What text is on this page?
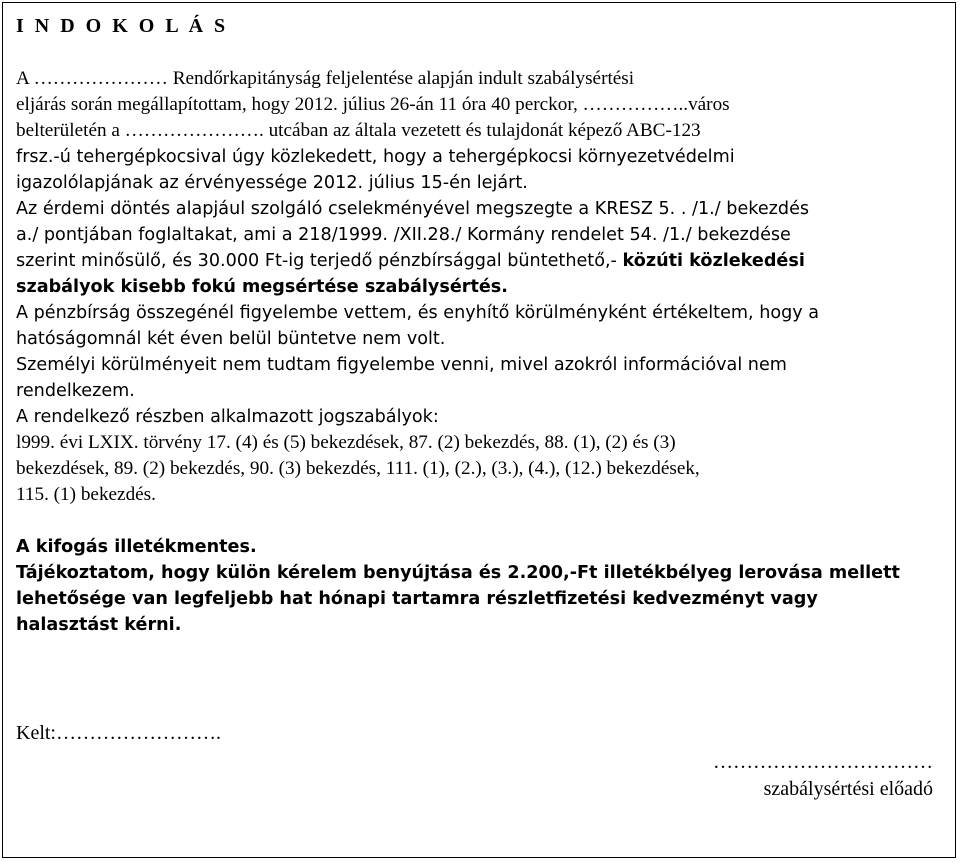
I N D O K O L Á S
A ………………… Rendőrkapitányság feljelentése alapján indult szabálysértési
eljárás során megállapítottam, hogy 2012. július 26-án 11 óra 40 perckor, ……………..város
belterületén a …………………. utcában az általa vezetett és tulajdonát képező ABC-123
frsz.-ú tehergépkocsival úgy közlekedett, hogy a tehergépkocsi környezetvédelmi
igazolólapjának az érvényessége 2012. július 15-én lejárt.
Az érdemi döntés alapjául szolgáló cselekményével megszegte a KRESZ 5. . /1./ bekezdés
a./ pontjában foglaltakat, ami a 218/1999. /XII.28./ Kormány rendelet 54. /1./ bekezdése
szerint minősülő, és 30.000 Ft-ig terjedő pénzbírsággal büntethető,- közúti közlekedési
szabályok kisebb fokú megsértése szabálysértés.
A pénzbírság összegénél figyelembe vettem, és enyhítő körülményként értékeltem, hogy a
hatóságomnál két éven belül büntetve nem volt.
Személyi körülményeit nem tudtam figyelembe venni, mivel azokról információval nem
rendelkezem.
A rendelkező részben alkalmazott jogszabályok:
l999. évi LXIX. törvény 17. (4) és (5) bekezdések, 87. (2) bekezdés, 88. (1), (2) és (3)
bekezdések, 89. (2) bekezdés, 90. (3) bekezdés, 111. (1), (2.), (3.), (4.), (12.) bekezdések,
115. (1) bekezdés.
A kifogás illetékmentes.
Tájékoztatom, hogy külön kérelem benyújtása és 2.200,-Ft illetékbélyeg lerovása mellett
lehetősége van legfeljebb hat hónapi tartamra részletfizetési kedvezményt vagy
halasztást kérni.
Kelt:…………………….
……………………………
szabálysértési előadó
